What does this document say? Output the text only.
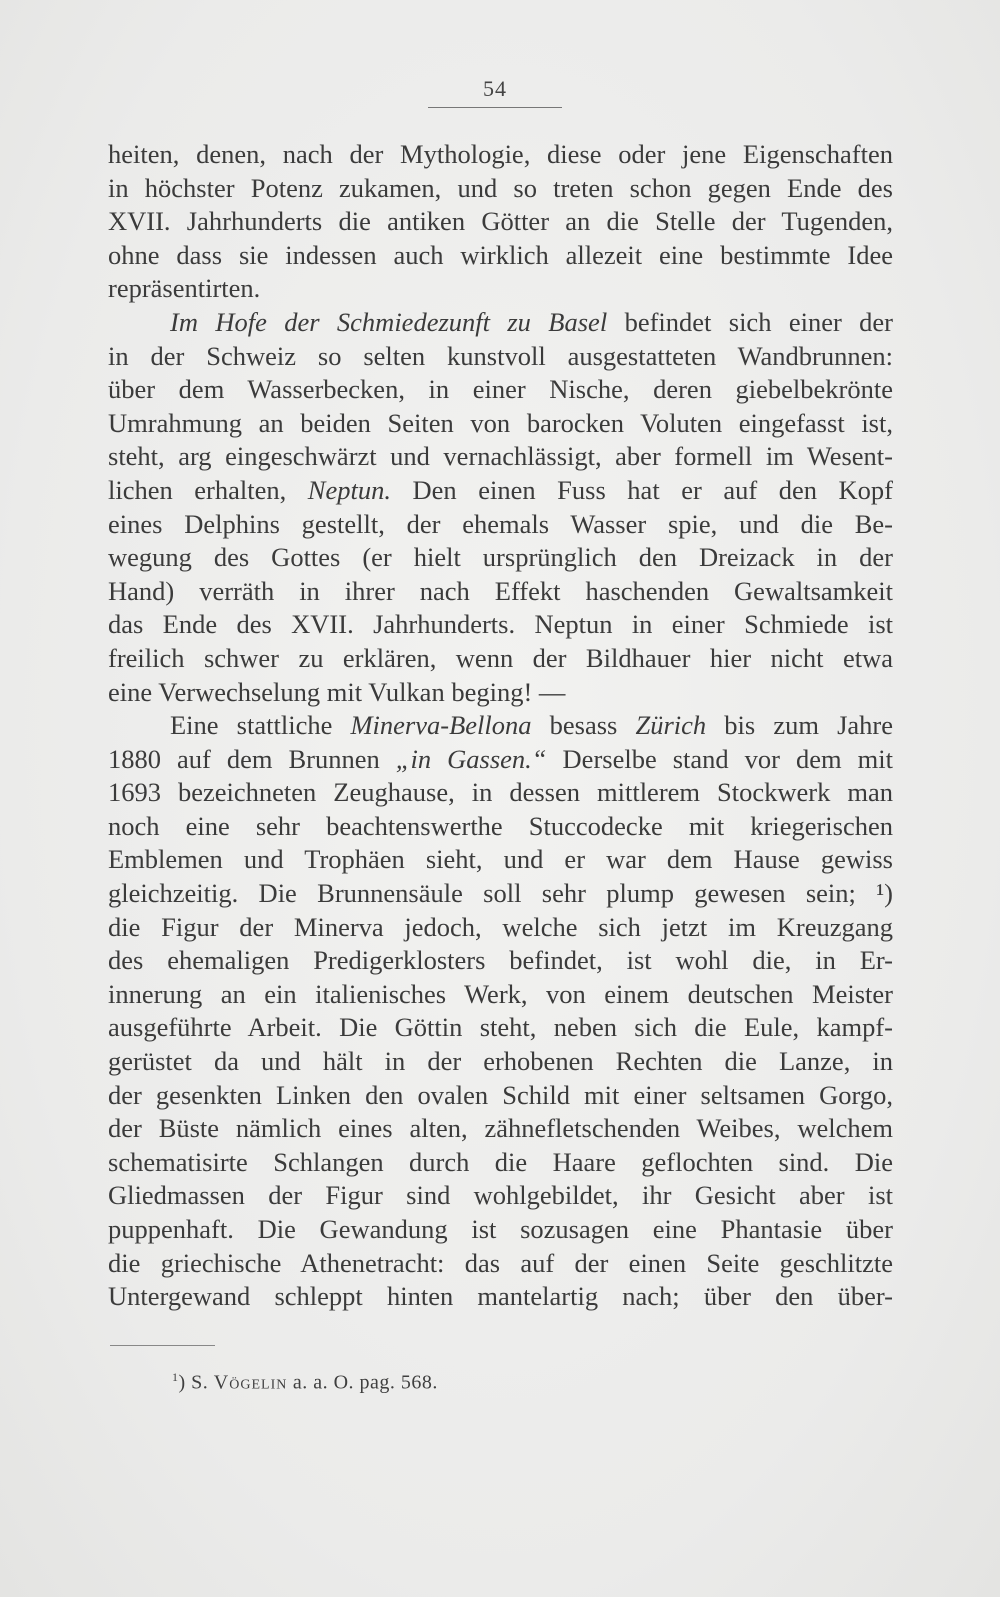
54
heiten, denen, nach der Mythologie, diese oder jene Eigenschaften
in höchster Potenz zukamen, und so treten schon gegen Ende des
XVII. Jahrhunderts die antiken Götter an die Stelle der Tugenden,
ohne dass sie indessen auch wirklich allezeit eine bestimmte Idee
repräsentirten.
Im Hofe der Schmiedezunft zu Basel befindet sich einer der
in der Schweiz so selten kunstvoll ausgestatteten Wandbrunnen:
über dem Wasserbecken, in einer Nische, deren giebelbekrönte
Umrahmung an beiden Seiten von barocken Voluten eingefasst ist,
steht, arg eingeschwärzt und vernachlässigt, aber formell im Wesent-
lichen erhalten, Neptun. Den einen Fuss hat er auf den Kopf
eines Delphins gestellt, der ehemals Wasser spie, und die Be-
wegung des Gottes (er hielt ursprünglich den Dreizack in der
Hand) verräth in ihrer nach Effekt haschenden Gewaltsamkeit
das Ende des XVII. Jahrhunderts. Neptun in einer Schmiede ist
freilich schwer zu erklären, wenn der Bildhauer hier nicht etwa
eine Verwechselung mit Vulkan beging! —
Eine stattliche Minerva-Bellona besass Zürich bis zum Jahre
1880 auf dem Brunnen „in Gassen.“ Derselbe stand vor dem mit
1693 bezeichneten Zeughause, in dessen mittlerem Stockwerk man
noch eine sehr beachtenswerthe Stuccodecke mit kriegerischen
Emblemen und Trophäen sieht, und er war dem Hause gewiss
gleichzeitig. Die Brunnensäule soll sehr plump gewesen sein; ¹)
die Figur der Minerva jedoch, welche sich jetzt im Kreuzgang
des ehemaligen Predigerklosters befindet, ist wohl die, in Er-
innerung an ein italienisches Werk, von einem deutschen Meister
ausgeführte Arbeit. Die Göttin steht, neben sich die Eule, kampf-
gerüstet da und hält in der erhobenen Rechten die Lanze, in
der gesenkten Linken den ovalen Schild mit einer seltsamen Gorgo,
der Büste nämlich eines alten, zähnefletschenden Weibes, welchem
schematisirte Schlangen durch die Haare geflochten sind. Die
Gliedmassen der Figur sind wohlgebildet, ihr Gesicht aber ist
puppenhaft. Die Gewandung ist sozusagen eine Phantasie über
die griechische Athenetracht: das auf der einen Seite geschlitzte
Untergewand schleppt hinten mantelartig nach; über den über-
$^1$) S. Vögelin a. a. O. pag. 568.
